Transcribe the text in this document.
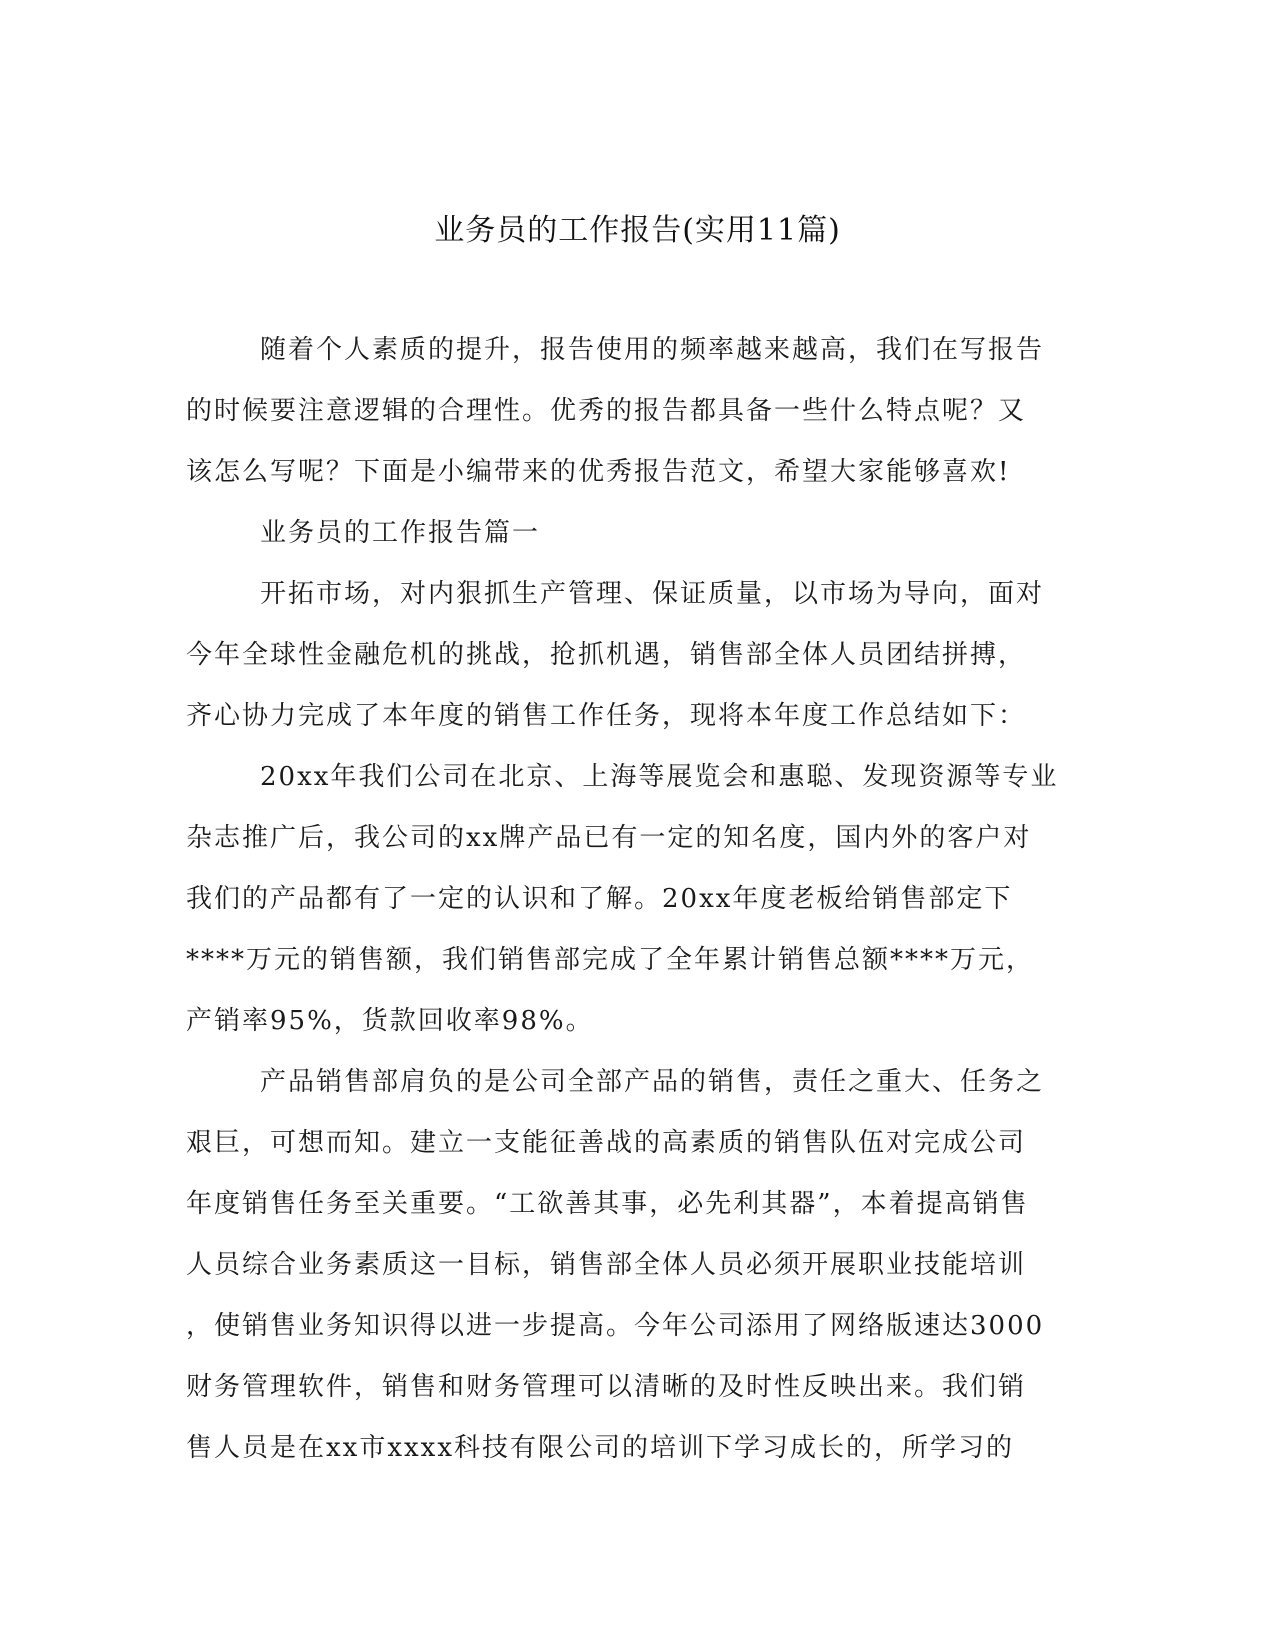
业务员的工作报告(实用11篇)
随着个人素质的提升，报告使用的频率越来越高，我们在写报告
的时候要注意逻辑的合理性。优秀的报告都具备一些什么特点呢？又
该怎么写呢？下面是小编带来的优秀报告范文，希望大家能够喜欢!
业务员的工作报告篇一
开拓市场，对内狠抓生产管理、保证质量，以市场为导向，面对
今年全球性金融危机的挑战，抢抓机遇，销售部全体人员团结拼搏，
齐心协力完成了本年度的销售工作任务，现将本年度工作总结如下：
20xx年我们公司在北京、上海等展览会和惠聪、发现资源等专业
杂志推广后，我公司的xx牌产品已有一定的知名度，国内外的客户对
我们的产品都有了一定的认识和了解。20xx年度老板给销售部定下
****万元的销售额，我们销售部完成了全年累计销售总额****万元，
产销率95%，货款回收率98%。
产品销售部肩负的是公司全部产品的销售，责任之重大、任务之
艰巨，可想而知。建立一支能征善战的高素质的销售队伍对完成公司
年度销售任务至关重要。“工欲善其事，必先利其器”，本着提高销售
人员综合业务素质这一目标，销售部全体人员必须开展职业技能培训
，使销售业务知识得以进一步提高。今年公司添用了网络版速达3000
财务管理软件，销售和财务管理可以清晰的及时性反映出来。我们销
售人员是在xx市xxxx科技有限公司的培训下学习成长的，所学习的
